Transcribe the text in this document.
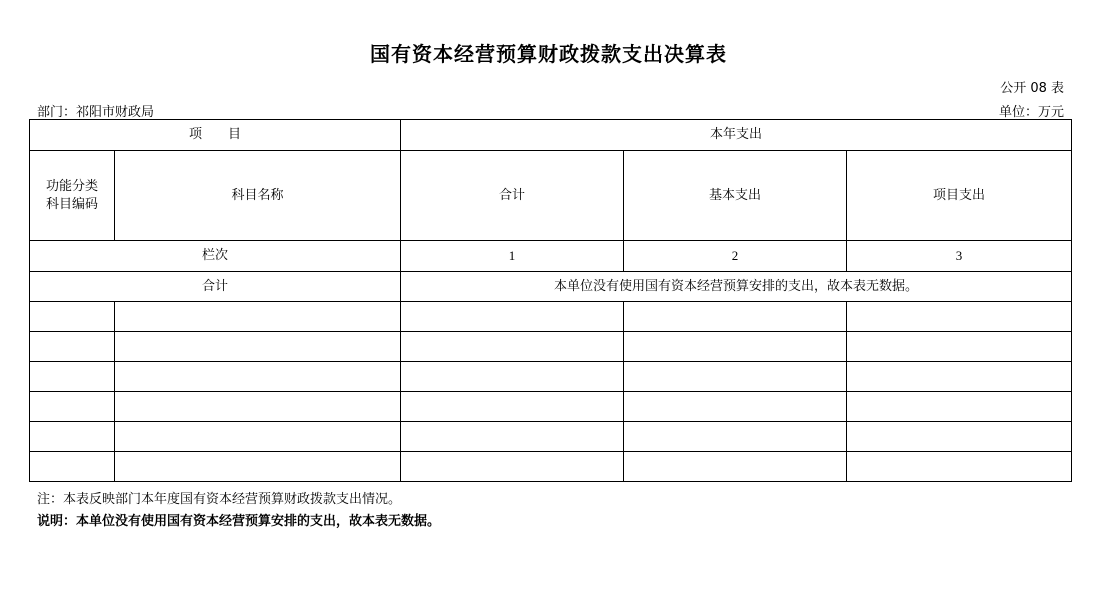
国有资本经营预算财政拨款支出决算表
公开 08 表
部门：祁阳市财政局	单位：万元
项　　目		本年支出		

功能分类科目编码	科目名称	合计	基本支出	项目支出
栏次		1	2	3
合计		本单位没有使用国有资本经营预算安排的支出，故本表无数据。		

注：本表反映部门本年度国有资本经营预算财政拨款支出情况。
说明：本单位没有使用国有资本经营预算安排的支出，故本表无数据。
